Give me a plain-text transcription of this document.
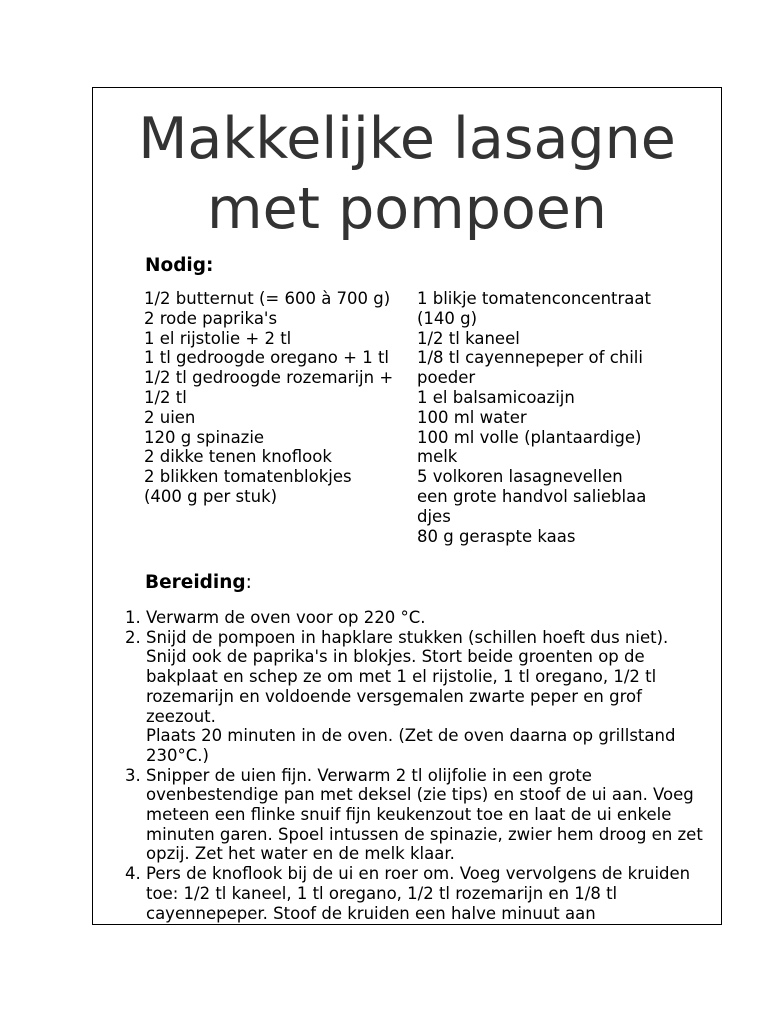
Makkelijke lasagne
met pompoen
Nodig:
1/2 butternut (= 600 à 700 g)
2 rode paprika's
1 el rijstolie + 2 tl
1 tl gedroogde oregano + 1 tl
1/2 tl gedroogde rozemarijn + 1/2 tl
2 uien
120 g spinazie
2 dikke tenen knoflook
2 blikken tomatenblokjes (400 g per stuk)
1 blikje tomatenconcentraat (140 g)
1/2 tl kaneel
1/8 tl cayennepeper of chilipoeder
1 el balsamicoazijn
100 ml water
100 ml volle (plantaardige) melk
5 volkoren lasagnevellen
een grote handvol salieblaadjes
80 g geraspte kaas
Bereiding:
1. Verwarm de oven voor op 220 °C.
2. Snijd de pompoen in hapklare stukken (schillen hoeft dus niet). Snijd ook de paprika's in blokjes. Stort beide groenten op de bakplaat en schep ze om met 1 el rijstolie, 1 tl oregano, 1/2 tl rozemarijn en voldoende versgemalen zwarte peper en grof zeezout.
Plaats 20 minuten in de oven. (Zet de oven daarna op grillstand 230°C.)
3. Snipper de uien fijn. Verwarm 2 tl olijfolie in een grote ovenbestendige pan met deksel (zie tips) en stoof de ui aan. Voeg meteen een flinke snuif fijn keukenzout toe en laat de ui enkele minuten garen. Spoel intussen de spinazie, zwier hem droog en zet opzij. Zet het water en de melk klaar.
4. Pers de knoflook bij de ui en roer om. Voeg vervolgens de kruiden toe: 1/2 tl kaneel, 1 tl oregano, 1/2 tl rozemarijn en 1/8 tl cayennepeper. Stoof de kruiden een halve minuut aan
